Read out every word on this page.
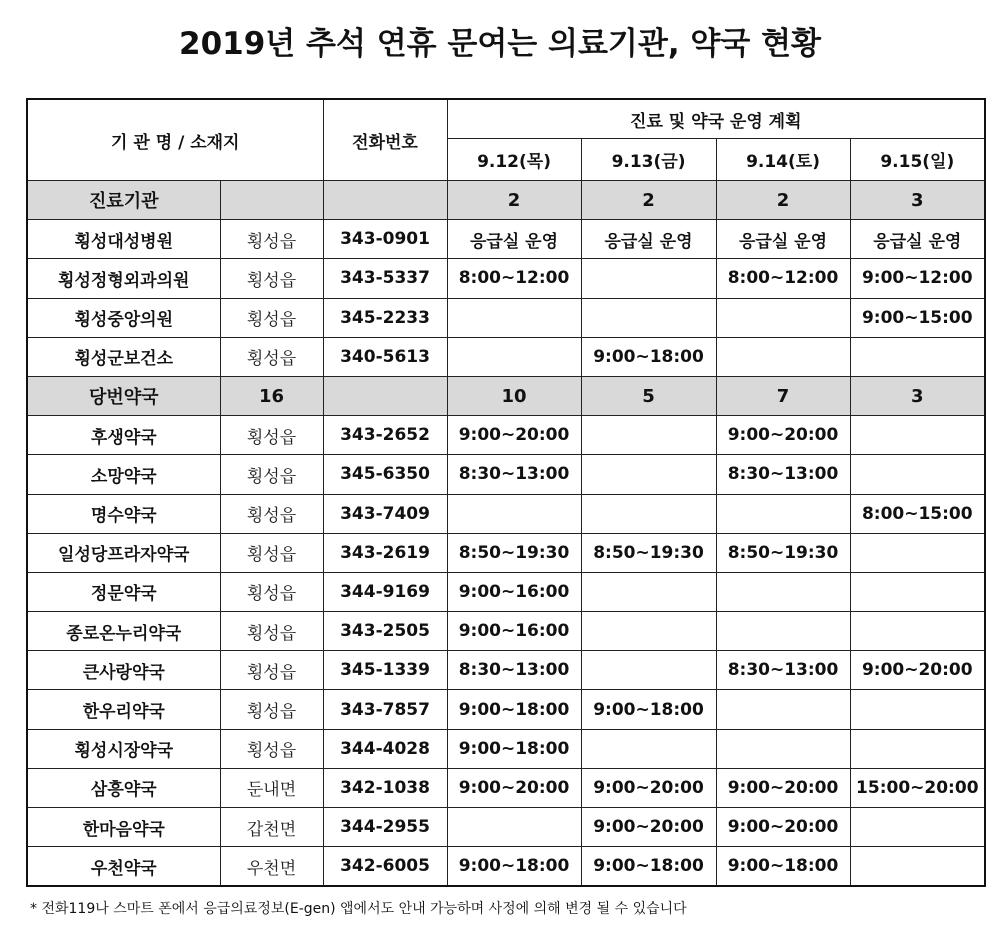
2019년 추석 연휴 문여는 의료기관, 약국 현황
기 관 명 / 소재지		전화번호	진료 및 약국 운영 계획			
			9.12(목)	9.13(금)	9.14(토)	9.15(일)
진료기관			2	2	2	3
횡성대성병원	횡성읍	343-0901	응급실 운영	응급실 운영	응급실 운영	응급실 운영
횡성정형외과의원	횡성읍	343-5337	8:00~12:00		8:00~12:00	9:00~12:00
횡성중앙의원	횡성읍	345-2233				9:00~15:00
횡성군보건소	횡성읍	340-5613		9:00~18:00		
당번약국	16		10	5	7	3
후생약국	횡성읍	343-2652	9:00~20:00		9:00~20:00	
소망약국	횡성읍	345-6350	8:30~13:00		8:30~13:00	
명수약국	횡성읍	343-7409				8:00~15:00
일성당프라자약국	횡성읍	343-2619	8:50~19:30	8:50~19:30	8:50~19:30	
정문약국	횡성읍	344-9169	9:00~16:00			
종로온누리약국	횡성읍	343-2505	9:00~16:00			
큰사랑약국	횡성읍	345-1339	8:30~13:00		8:30~13:00	9:00~20:00
한우리약국	횡성읍	343-7857	9:00~18:00	9:00~18:00		
횡성시장약국	횡성읍	344-4028	9:00~18:00			
삼흥약국	둔내면	342-1038	9:00~20:00	9:00~20:00	9:00~20:00	15:00~20:00
한마음약국	갑천면	344-2955		9:00~20:00	9:00~20:00	
우천약국	우천면	342-6005	9:00~18:00	9:00~18:00	9:00~18:00	
* 전화119나 스마트 폰에서 응급의료정보(E-gen) 앱에서도 안내 가능하며 사정에 의해 변경 될 수 있습니다
